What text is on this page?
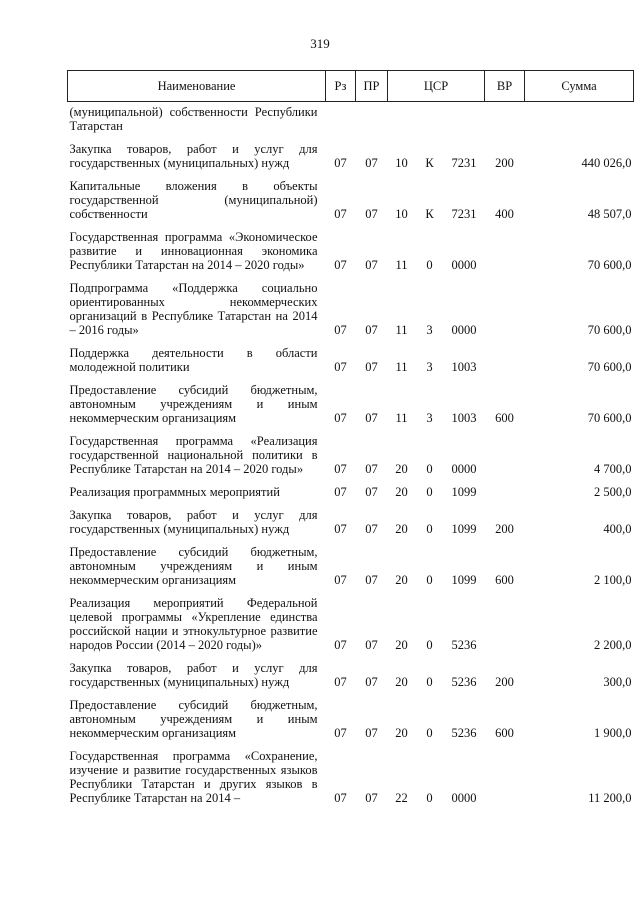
319
Наименование	Рз	ПР	ЦСР			ВР	Сумма
(муниципальной) собственности Республики Татарстан							
Закупка товаров, работ и услуг для государственных (муниципальных) нужд	07	07	10	К	7231	200	440 026,0
Капитальные вложения в объекты государственной (муниципальной) собственности	07	07	10	К	7231	400	48 507,0
Государственная программа «Экономическое развитие и инновационная экономика Республики Татарстан на 2014 – 2020 годы»	07	07	11	0	0000		70 600,0
Подпрограмма «Поддержка социально ориентированных некоммерческих организаций в Республике Татарстан на 2014 – 2016 годы»	07	07	11	3	0000		70 600,0
Поддержка деятельности в области молодежной политики	07	07	11	3	1003		70 600,0
Предоставление субсидий бюджетным, автономным учреждениям и иным некоммерческим организациям	07	07	11	3	1003	600	70 600,0
Государственная программа «Реализация государственной национальной политики в Республике Татарстан на 2014 – 2020 годы»	07	07	20	0	0000		4 700,0
Реализация программных мероприятий	07	07	20	0	1099		2 500,0
Закупка товаров, работ и услуг для государственных (муниципальных) нужд	07	07	20	0	1099	200	400,0
Предоставление субсидий бюджетным, автономным учреждениям и иным некоммерческим организациям	07	07	20	0	1099	600	2 100,0
Реализация мероприятий Федеральной целевой программы «Укрепление единства российской нации и этнокультурное развитие народов России (2014 – 2020 годы)»	07	07	20	0	5236		2 200,0
Закупка товаров, работ и услуг для государственных (муниципальных) нужд	07	07	20	0	5236	200	300,0
Предоставление субсидий бюджетным, автономным учреждениям и иным некоммерческим организациям	07	07	20	0	5236	600	1 900,0
Государственная программа «Сохранение, изучение и развитие государственных языков Республики Татарстан и других языков в Республике Татарстан на 2014 –	07	07	22	0	0000		11 200,0
